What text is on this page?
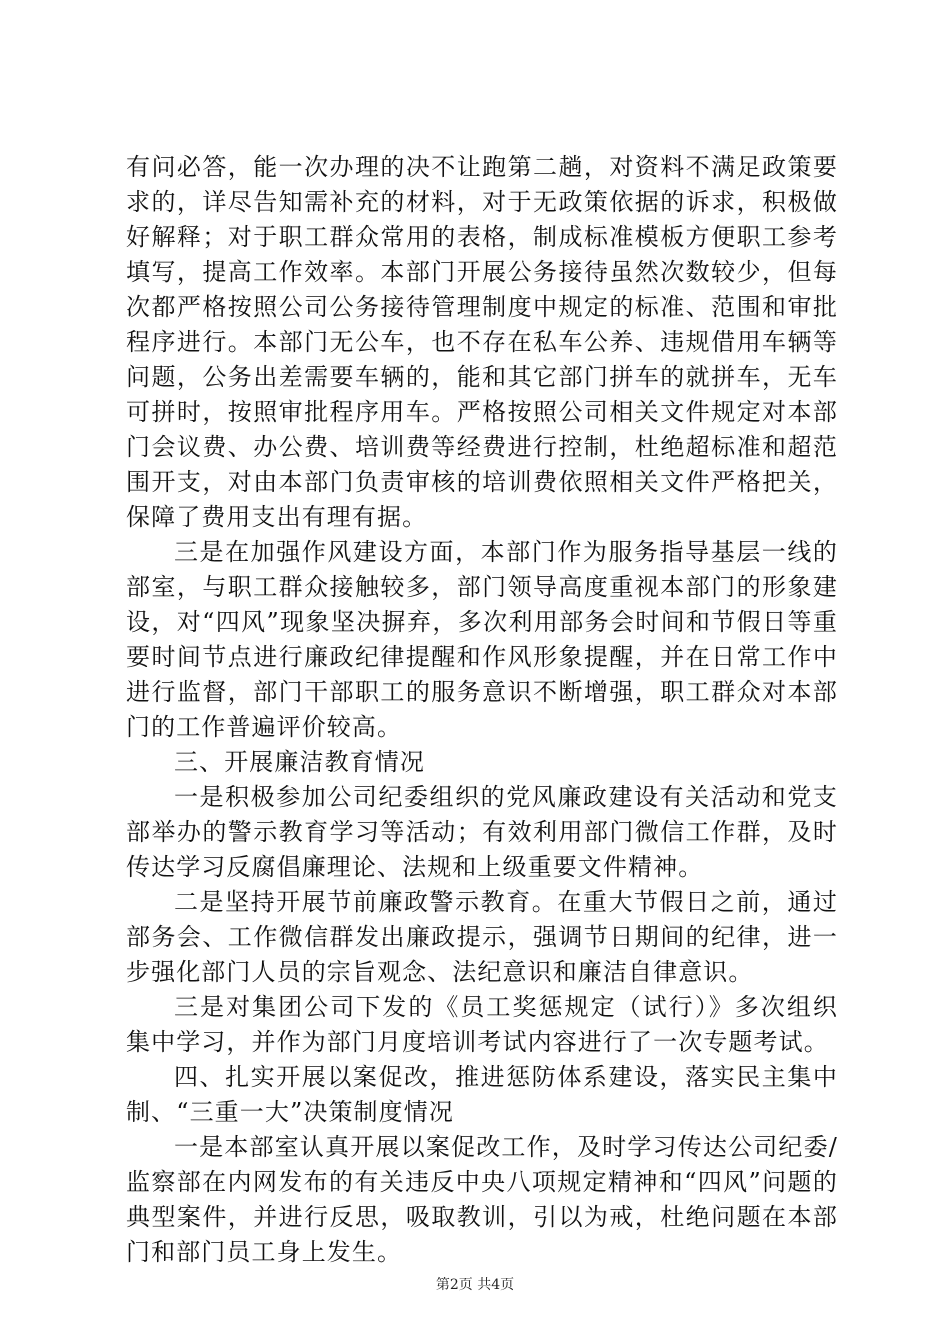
有问必答，能一次办理的决不让跑第二趟，对资料不满足政策要求的，详尽告知需补充的材料，对于无政策依据的诉求，积极做好解释；对于职工群众常用的表格，制成标准模板方便职工参考填写，提高工作效率。本部门开展公务接待虽然次数较少，但每次都严格按照公司公务接待管理制度中规定的标准、范围和审批程序进行。本部门无公车，也不存在私车公养、违规借用车辆等问题，公务出差需要车辆的，能和其它部门拼车的就拼车，无车可拼时，按照审批程序用车。严格按照公司相关文件规定对本部门会议费、办公费、培训费等经费进行控制，杜绝超标准和超范围开支，对由本部门负责审核的培训费依照相关文件严格把关，保障了费用支出有理有据。

三是在加强作风建设方面，本部门作为服务指导基层一线的部室，与职工群众接触较多，部门领导高度重视本部门的形象建设，对“四风”现象坚决摒弃，多次利用部务会时间和节假日等重要时间节点进行廉政纪律提醒和作风形象提醒，并在日常工作中进行监督，部门干部职工的服务意识不断增强，职工群众对本部门的工作普遍评价较高。

三、开展廉洁教育情况

一是积极参加公司纪委组织的党风廉政建设有关活动和党支部举办的警示教育学习等活动；有效利用部门微信工作群，及时传达学习反腐倡廉理论、法规和上级重要文件精神。

二是坚持开展节前廉政警示教育。在重大节假日之前，通过部务会、工作微信群发出廉政提示，强调节日期间的纪律，进一步强化部门人员的宗旨观念、法纪意识和廉洁自律意识。

三是对集团公司下发的《员工奖惩规定（试行）》多次组织集中学习，并作为部门月度培训考试内容进行了一次专题考试。

四、扎实开展以案促改，推进惩防体系建设，落实民主集中制、“三重一大”决策制度情况

一是本部室认真开展以案促改工作，及时学习传达公司纪委/监察部在内网发布的有关违反中央八项规定精神和“四风”问题的典型案件，并进行反思，吸取教训，引以为戒，杜绝问题在本部门和部门员工身上发生。

第2页 共4页
